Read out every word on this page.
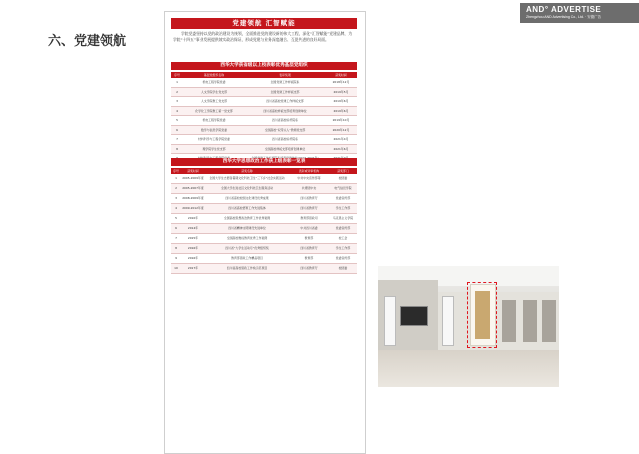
AND° ADVERTISE
Zhengzhou AND Advertising Co., Ltd. · 安德广告
六、党建领航
党建领航 汇智赋能
学院党委坚持以党的政治建设为统领，全面推进党的建设新的伟大工程，深化“汇智赋能”党建品牌，为学院“十四五”事业发展提供坡实政治保证，形成党建与业务深度融合、互促共进的良好局面。
西华大学获省级以上校表彰优秀基层党组织
序号	基层党组织名称	表彰奖项	获奖时间
1	机电工程学院党委	全国党建工作样板院系	2018年12月
2	人文学院学生党支部	全国党建工作样板支部	2019年5月
3	人文学院教工党支部	四川省高校党建工作样板支部	2019年6月
4	化学化工学院教工第一党支部	四川省高校样板支部培育创建单位	2019年6月
5	机电工程学院党委	四川省高校标杆院系	2019年10月
6	数学与信息学院党委	全国高校“双带头人”教师党支部	2020年12月
7	材料科学与工程学院党委	四川省高校标杆院系	2021年4月
8	理学院学生党支部	全国高校样板支部培育创建单位	2021年6月
西华大学思想政治工作获上级表彰一览表
序号	获奖时间	获奖名称	表彰或评审机构	获奖部门
1	2005-2009年度	全国大学生志愿者暑期文化科技卫生“三下乡”社会实践活动	中共中央宣传部等	校团委
2	2005-2007年度	全国大学生进社区文化科技卫生服务活动	共青团中央	电气信息学院
3	2008-2009年度	四川省高校校园文化建设优秀成果	四川省教育厅	党委宣传部
4	2009-2012年度	四川省高校德育工作先进集体	四川省教育厅	学生工作部
5	2010年	全国高校思想政治教育工作优秀案例	教育部思政司	马克思主义学院
6	2014年	四川省精神文明建设先进单位	中共四川省委	党委宣传部
7	2015年	全国高校维权教育优秀工作案例	教育部	校工会
8	2016年	四川省“大学生活动月”优秀组织奖	四川省教育厅	学生工作部
9	2016年	教育部思政工作精品项目	教育部	党委宣传部
10	2017年	四川省高校思政工作栈示范项目	四川省教育厅	校团委
